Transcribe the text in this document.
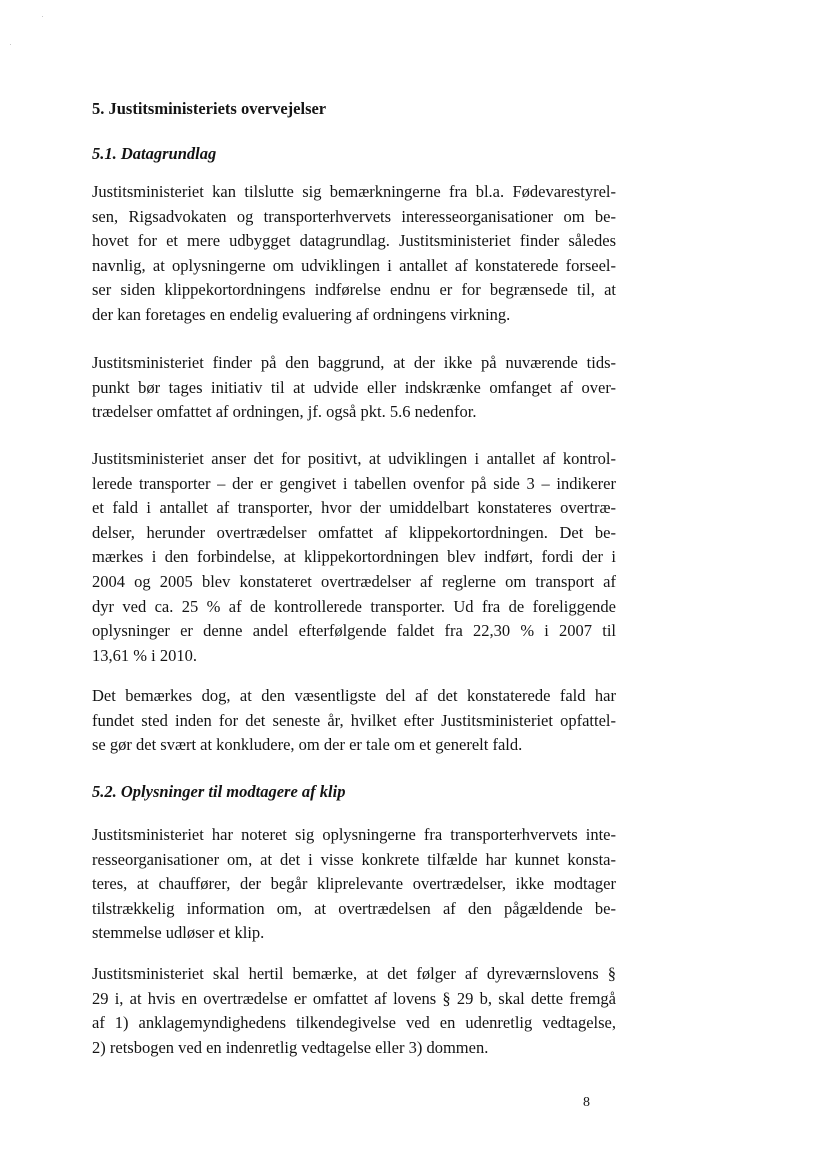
5. Justitsministeriets overvejelser
5.1. Datagrundlag
Justitsministeriet kan tilslutte sig bemærkningerne fra bl.a. Fødevarestyrel-
sen, Rigsadvokaten og transporterhvervets interesseorganisationer om be-
hovet for et mere udbygget datagrundlag. Justitsministeriet finder således
navnlig, at oplysningerne om udviklingen i antallet af konstaterede forseel-
ser siden klippekortordningens indførelse endnu er for begrænsede til, at
der kan foretages en endelig evaluering af ordningens virkning.
Justitsministeriet finder på den baggrund, at der ikke på nuværende tids-
punkt bør tages initiativ til at udvide eller indskrænke omfanget af over-
trædelser omfattet af ordningen, jf. også pkt. 5.6 nedenfor.
Justitsministeriet anser det for positivt, at udviklingen i antallet af kontrol-
lerede transporter – der er gengivet i tabellen ovenfor på side 3 – indikerer
et fald i antallet af transporter, hvor der umiddelbart konstateres overtræ-
delser, herunder overtrædelser omfattet af klippekortordningen. Det be-
mærkes i den forbindelse, at klippekortordningen blev indført, fordi der i
2004 og 2005 blev konstateret overtrædelser af reglerne om transport af
dyr ved ca. 25 % af de kontrollerede transporter. Ud fra de foreliggende
oplysninger er denne andel efterfølgende faldet fra 22,30 % i 2007 til
13,61 % i 2010.
Det bemærkes dog, at den væsentligste del af det konstaterede fald har
fundet sted inden for det seneste år, hvilket efter Justitsministeriet opfattel-
se gør det svært at konkludere, om der er tale om et generelt fald.
5.2. Oplysninger til modtagere af klip
Justitsministeriet har noteret sig oplysningerne fra transporterhvervets inte-
resseorganisationer om, at det i visse konkrete tilfælde har kunnet konsta-
teres, at chauffører, der begår kliprelevante overtrædelser, ikke modtager
tilstrækkelig information om, at overtrædelsen af den pågældende be-
stemmelse udløser et klip.
Justitsministeriet skal hertil bemærke, at det følger af dyreværnslovens §
29 i, at hvis en overtrædelse er omfattet af lovens § 29 b, skal dette fremgå
af 1) anklagemyndighedens tilkendegivelse ved en udenretlig vedtagelse,
2) retsbogen ved en indenretlig vedtagelse eller 3) dommen.
8
